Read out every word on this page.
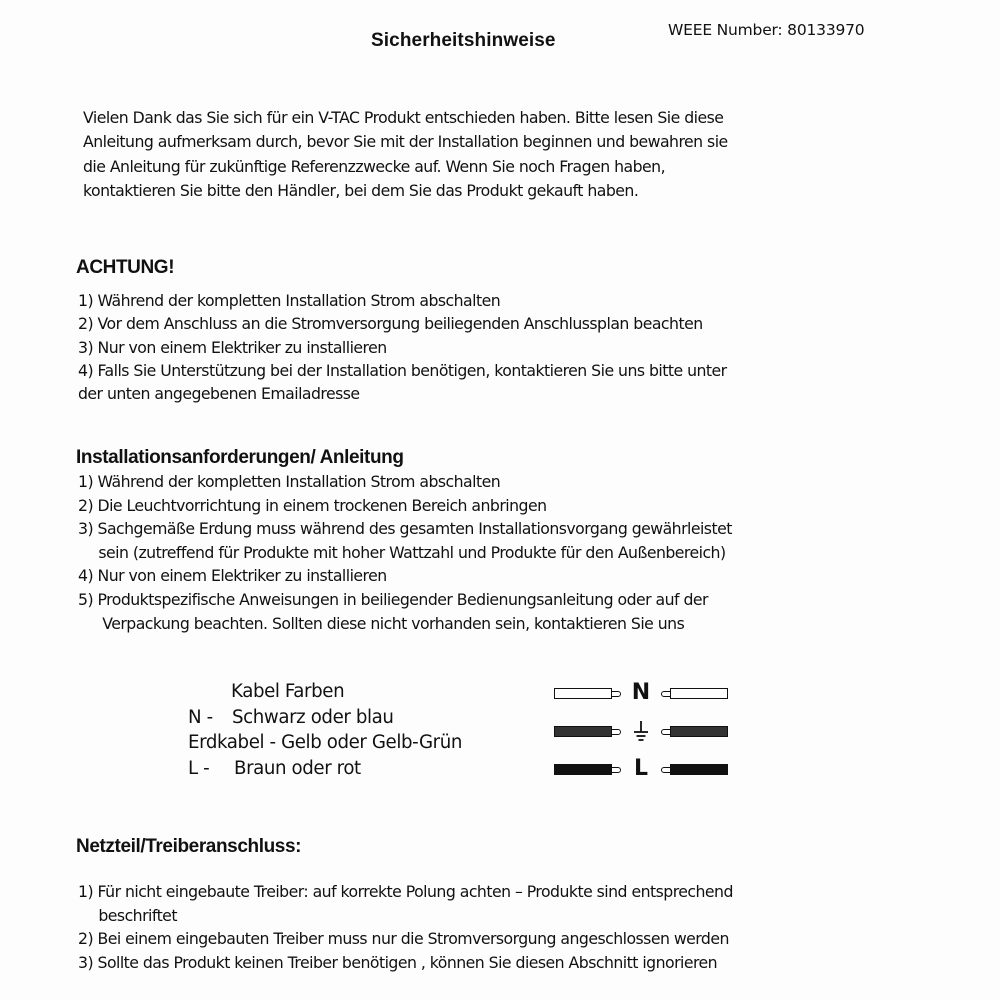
Sicherheitshinweise	WEEE Number: 80133970
Vielen Dank das Sie sich für ein V-TAC Produkt entschieden haben. Bitte lesen Sie diese
Anleitung aufmerksam durch, bevor Sie mit der Installation beginnen und bewahren sie
die Anleitung für zukünftige Referenzzwecke auf. Wenn Sie noch Fragen haben,
kontaktieren Sie bitte den Händler, bei dem Sie das Produkt gekauft haben.
ACHTUNG!
1) Während der kompletten Installation Strom abschalten
2) Vor dem Anschluss an die Stromversorgung beiliegenden Anschlussplan beachten
3) Nur von einem Elektriker zu installieren
4) Falls Sie Unterstützung bei der Installation benötigen, kontaktieren Sie uns bitte unter
der unten angegebenen Emailadresse
Installationsanforderungen/ Anleitung
1) Während der kompletten Installation Strom abschalten
2) Die Leuchtvorrichtung in einem trockenen Bereich anbringen
3) Sachgemäße Erdung muss während des gesamten Installationsvorgang gewährleistet
sein (zutreffend für Produkte mit hoher Wattzahl und Produkte für den Außenbereich)
4) Nur von einem Elektriker zu installieren
5) Produktspezifische Anweisungen in beiliegender Bedienungsanleitung oder auf der
Verpackung beachten. Sollten diese nicht vorhanden sein, kontaktieren Sie uns
Kabel Farben
N - Schwarz oder blau
Erdkabel - Gelb oder Gelb-Grün
L - Braun oder rot
N
L
Netzteil/Treiberanschluss:
1) Für nicht eingebaute Treiber: auf korrekte Polung achten – Produkte sind entsprechend
beschriftet
2) Bei einem eingebauten Treiber muss nur die Stromversorgung angeschlossen werden
3) Sollte das Produkt keinen Treiber benötigen , können Sie diesen Abschnitt ignorieren
